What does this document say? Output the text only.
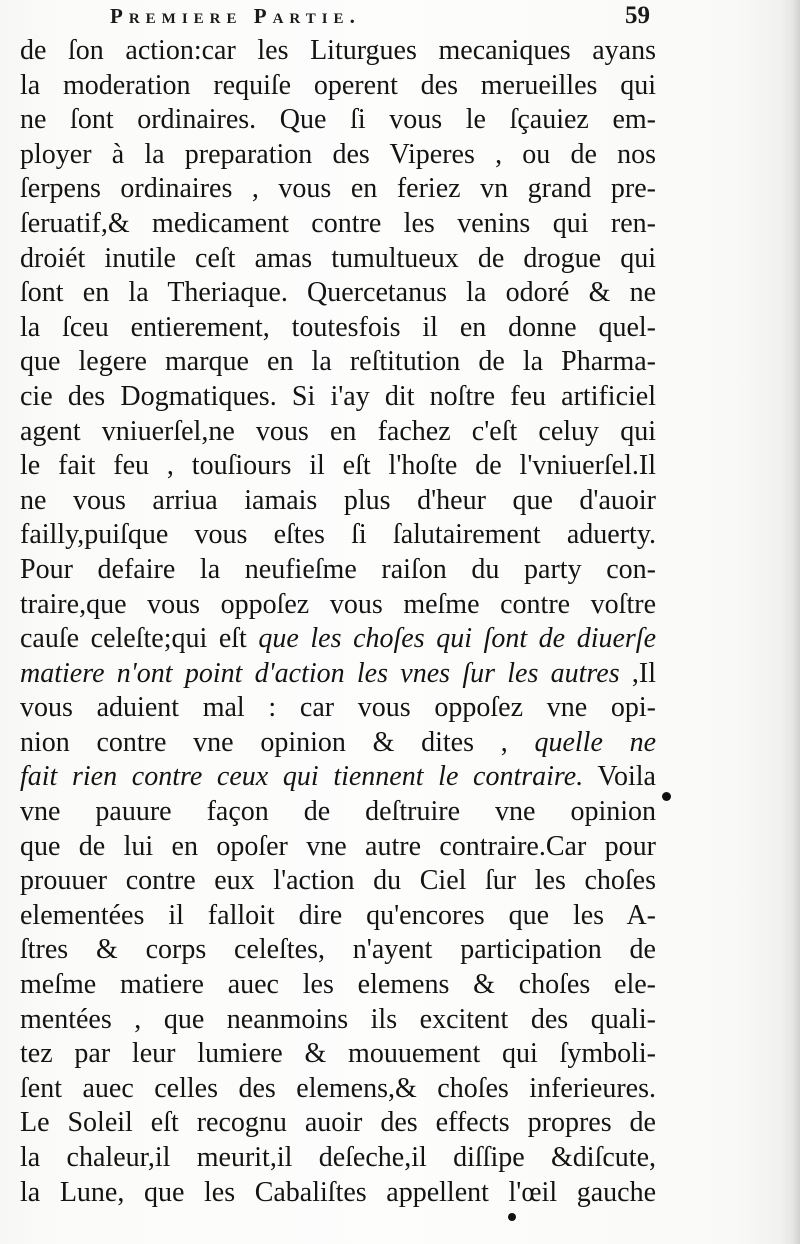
Premiere Partie.	59
de ſon action:car les Liturgues mecaniques ayans
la moderation requiſe operent des merueilles qui
ne ſont ordinaires. Que ſi vous le ſçauiez em-
ployer à la preparation des Viperes , ou de nos
ſerpens ordinaires , vous en feriez vn grand pre-
ſeruatif,& medicament contre les venins qui ren-
droiét inutile ceſt amas tumultueux de drogue qui
ſont en la Theriaque. Quercetanus la odoré & ne
la ſceu entierement, toutesfois il en donne quel-
que legere marque en la reſtitution de la Pharma-
cie des Dogmatiques. Si i'ay dit noſtre feu artificiel
agent vniuerſel,ne vous en fachez c'eſt celuy qui
le fait feu , touſiours il eſt l'hoſte de l'vniuerſel.Il
ne vous arriua iamais plus d'heur que d'auoir
failly,puiſque vous eſtes ſi ſalutairement aduerty.
Pour defaire la neufieſme raiſon du party con-
traire,que vous oppoſez vous meſme contre voſtre
cauſe celeſte;qui eſt que les choſes qui ſont de diuerſe
matiere n'ont point d'action les vnes ſur les autres ,Il
vous aduient mal : car vous oppoſez vne opi-
nion contre vne opinion & dites , quelle ne
fait rien contre ceux qui tiennent le contraire. Voila
vne pauure façon de deſtruire vne opinion
que de lui en opoſer vne autre contraire.Car pour
prouuer contre eux l'action du Ciel ſur les choſes
elementées il falloit dire qu'encores que les A-
ſtres & corps celeſtes, n'ayent participation de
meſme matiere auec les elemens & choſes ele-
mentées , que neanmoins ils excitent des quali-
tez par leur lumiere & mouuement qui ſymboli-
ſent auec celles des elemens,& choſes inferieures.
Le Soleil eſt recognu auoir des effects propres de
la chaleur,il meurit,il deſeche,il diſſipe &diſcute,
la Lune, que les Cabaliſtes appellent l'œil gauche
